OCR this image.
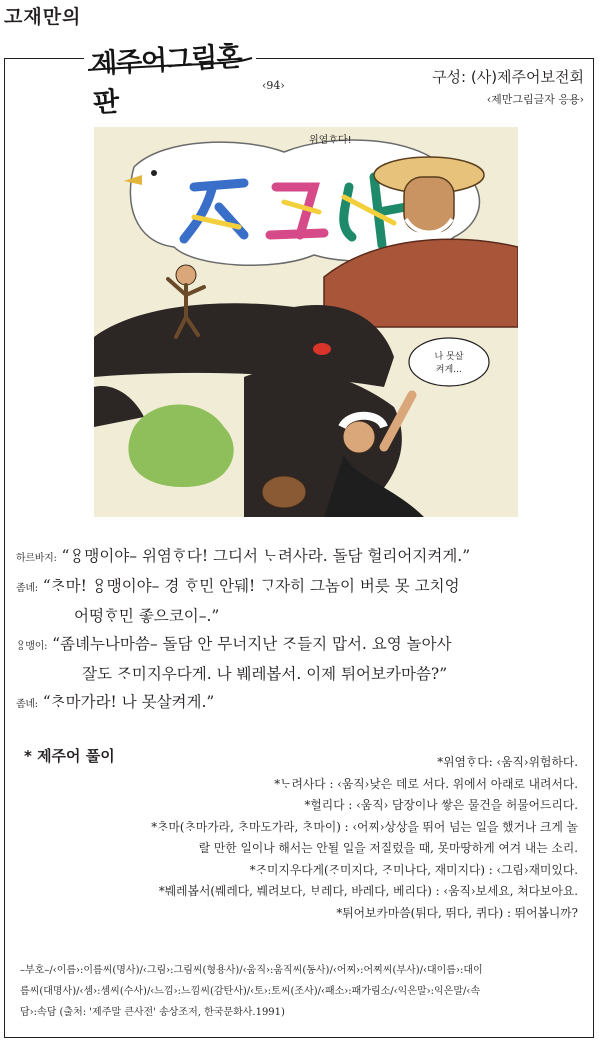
고재만의
제주어그림혼판
‹94›	구성: (사)제주어보전회
‹제만그림글자 응용›
나 못살
켜게…
위염ᄒᆞ다!
하르바지: “ᄋᆢᆼ맹이야– 위염ᄒᆞ다! 그디서 ᄂᆞ려사라. 돌담 헐리어지켜게.”
좀녜: “ᄎᆞ마! ᄋᆢᆼ맹이야– 경 ᄒᆞ민 안뒈! ᄀᆞ자히 그놈이 버릇 못 고치엉
어떵ᄒᆞ민 좋으코이–.”
ᄋᆢᆼ맹이: “좀녜누나마씀– 돌담 안 무너지난 ᄌᆞ들지 맙서. 요영 놀아사
잘도 ᄌᆞ미지우다게. 나 붸레봅서. 이제 튀어보카마씀?”
좀녜: “ᄎᆞ마가라! 나 못살켜게.”
* 제주어 풀이	*위염ᄒᆞ다: ‹움직›위험하다.
*ᄂᆞ려사다 : ‹움직›낮은 데로 서다. 위에서 아래로 내려서다.
*헐리다 : ‹움직› 담장이나 쌓은 물건을 허물어드리다.
*ᄎᆞ마(ᄎᆞ마가라, ᄎᆞ마도가라, ᄎᆞ마이) : ‹어찌›상상을 뛰어 넘는 일을 했거나 크게 놀
랄 만한 일이나 해서는 안될 일을 저질렀을 때, 못마땅하게 여겨 내는 소리.
*ᄌᆞ미지우다게(ᄌᆞ미지다, ᄌᆞ미나다, 재미지다) : ‹그림›재미있다.
*붸레봅서(붸레다, 붸려보다, ᄇᆞ레다, 바레다, 베리다) : ‹움직›보세요, 쳐다보아요.
*튀어보카마씀(튀다, 뛰다, 퀴다) : 뛰어봅니까?
–부호–/‹이름›:이름씨(명사)/‹그림›:그림씨(형용사)/‹움직›:움직씨(동사)/‹어찌›:어찌씨(부사)/‹대이름›:대이
름씨(대명사)/‹셈›:셈씨(수사)/‹느낌›:느낌씨(감탄사)/‹토›:토씨(조사)/‹패소›:패가림소/‹익은말›:익은말/‹속
담›:속담 (출처: '제주말 큰사전' 송상조저, 한국문화사.1991)
